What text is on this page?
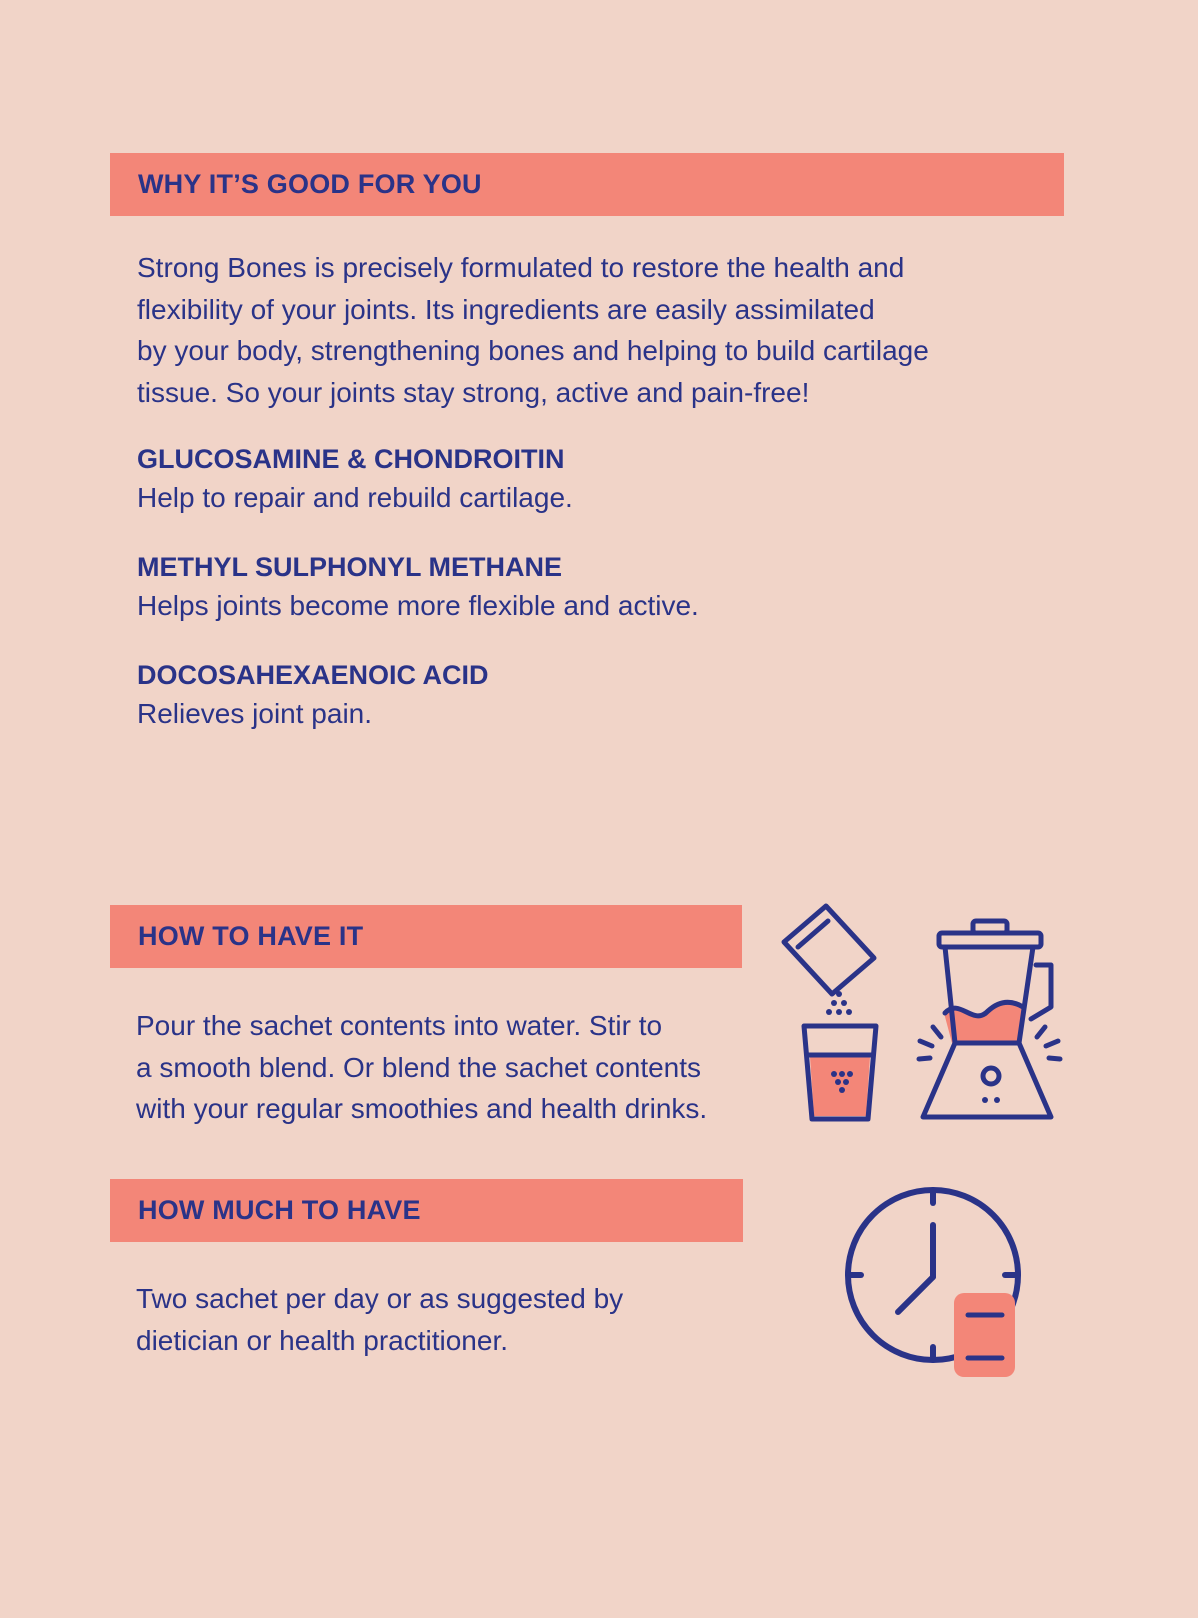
WHY IT’S GOOD FOR YOU

Strong Bones is precisely formulated to restore the health and
flexibility of your joints. Its ingredients are easily assimilated
by your body, strengthening bones and helping to build cartilage
tissue. So your joints stay strong, active and pain-free!

GLUCOSAMINE & CHONDROITIN
Help to repair and rebuild cartilage.
METHYL SULPHONYL METHANE
Helps joints become more flexible and active.
DOCOSAHEXAENOIC ACID
Relieves joint pain.
HOW TO HAVE IT

Pour the sachet contents into water. Stir to
a smooth blend. Or blend the sachet contents
with your regular smoothies and health drinks.

HOW MUCH TO HAVE

Two sachet per day or as suggested by
dietician or health practitioner.
